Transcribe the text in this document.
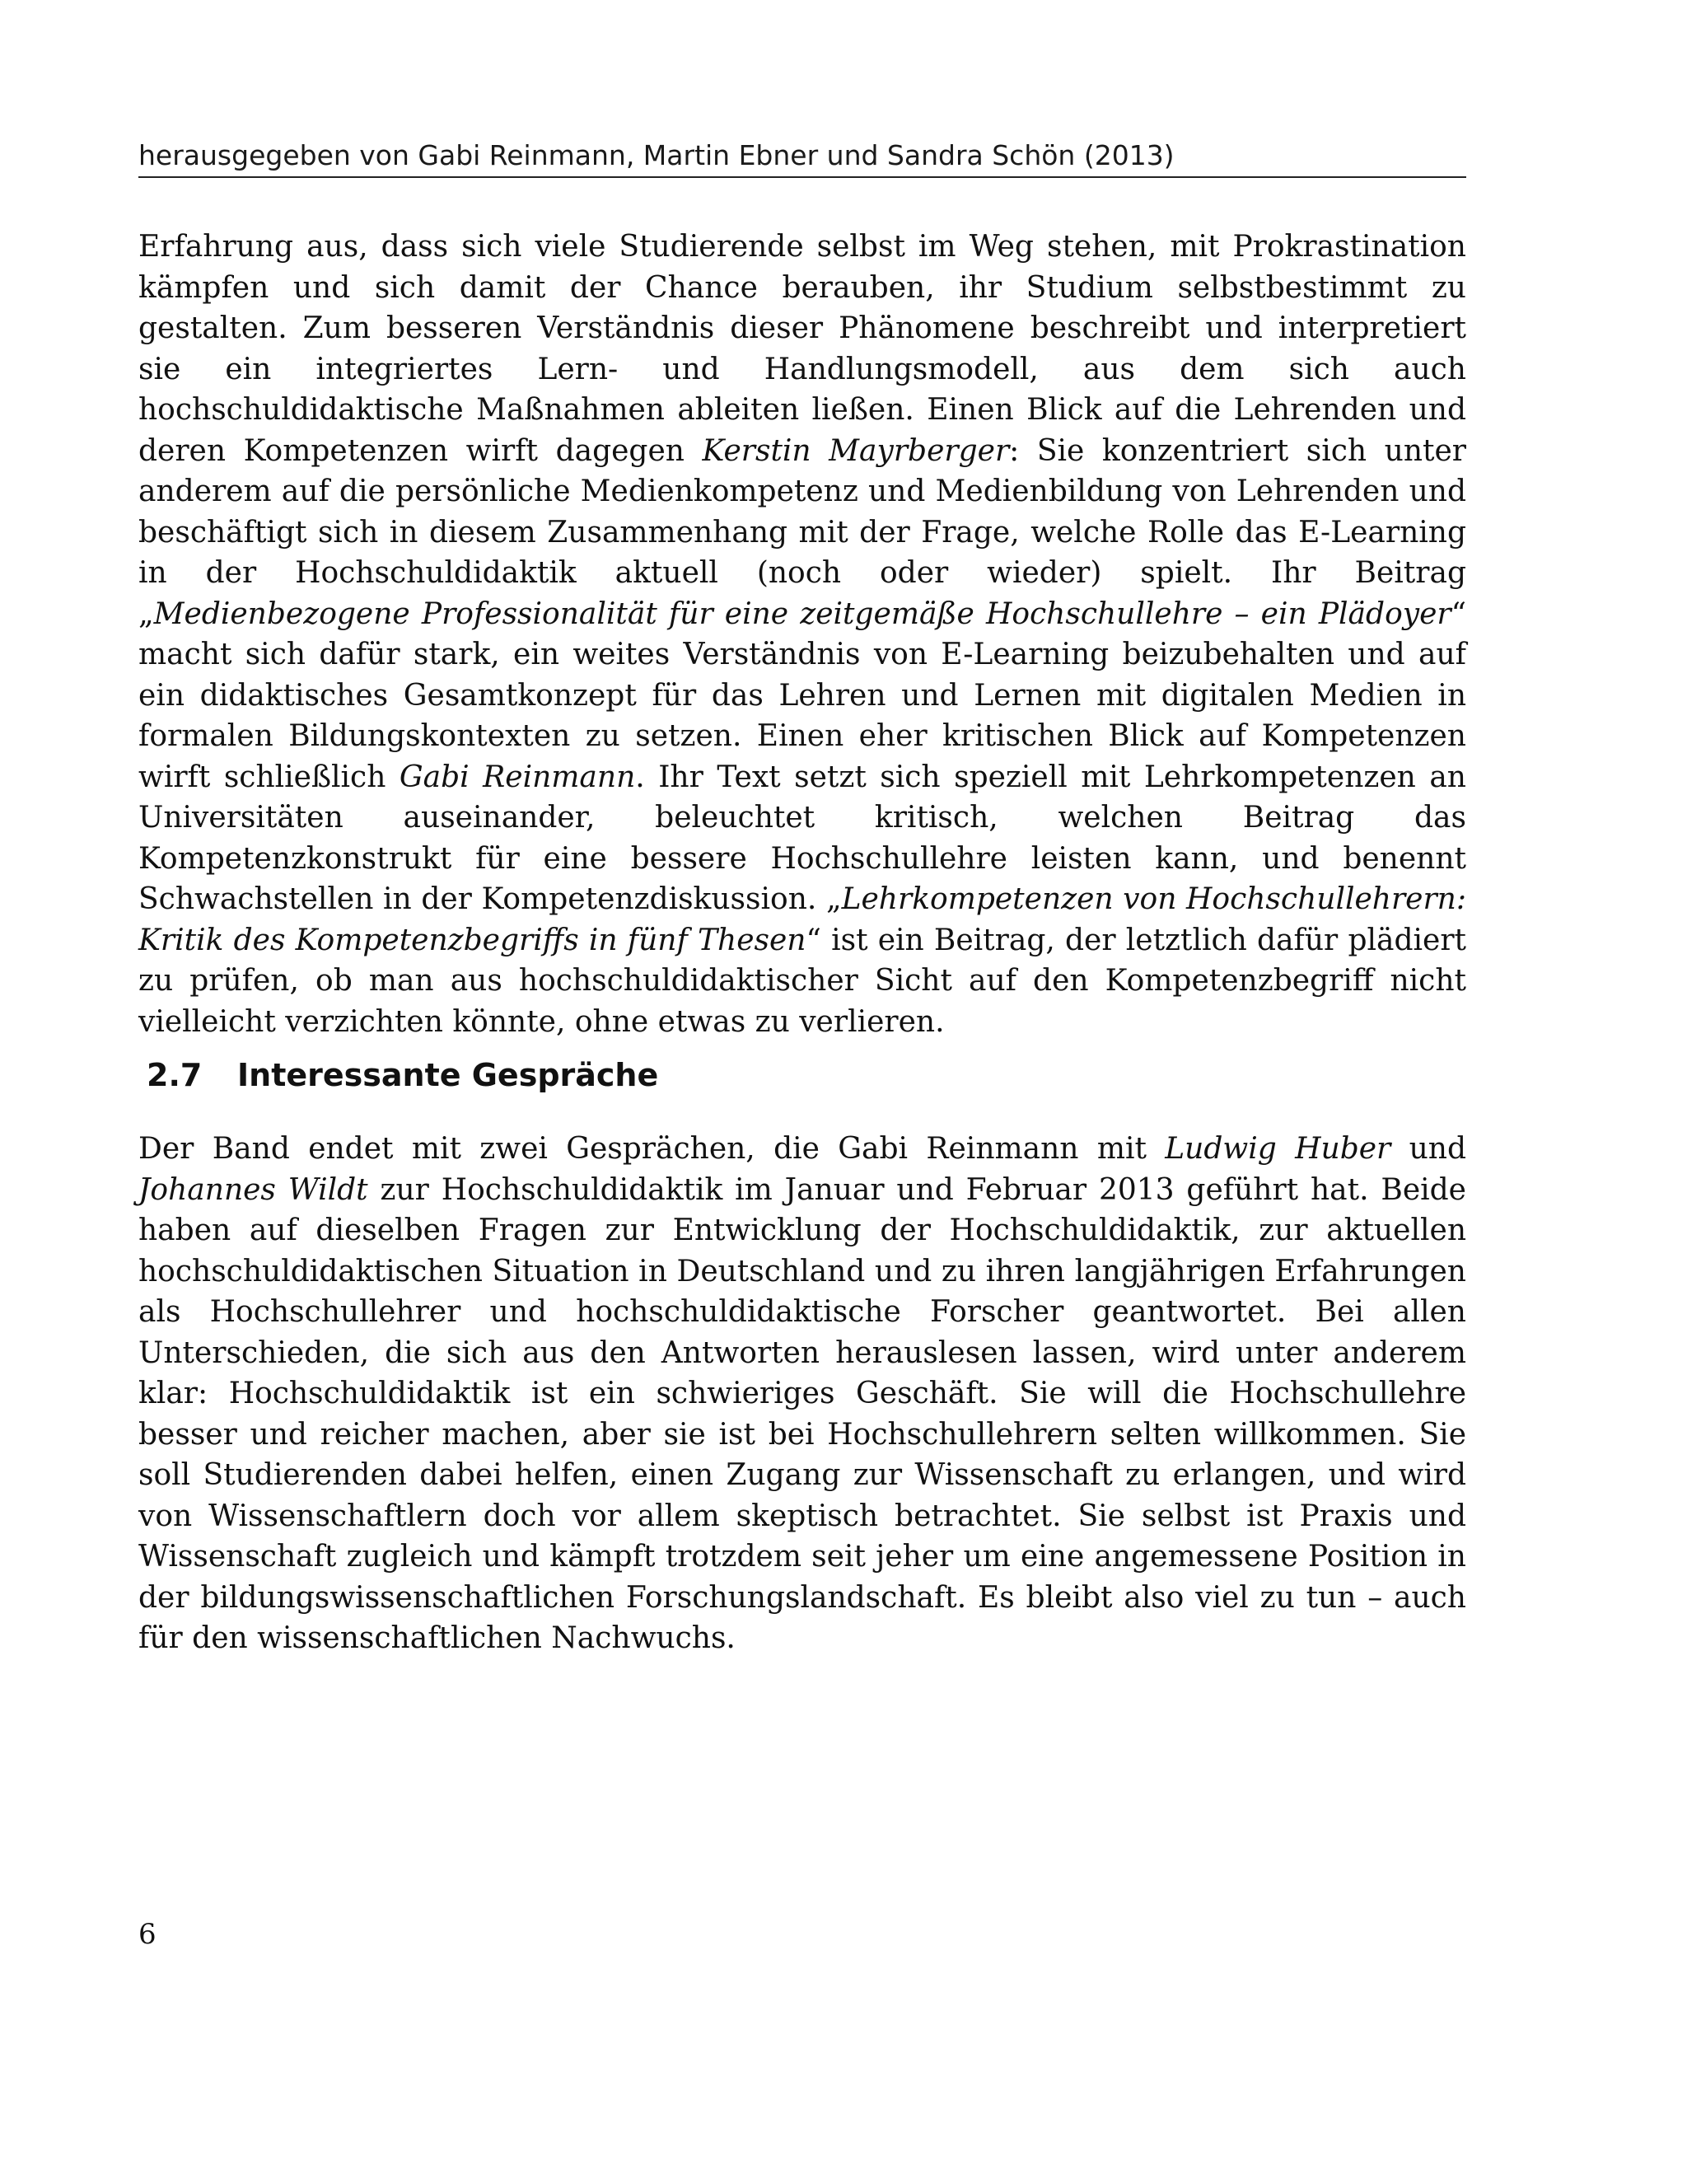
herausgegeben von Gabi Reinmann, Martin Ebner und Sandra Schön (2013)

Erfahrung aus, dass sich viele Studierende selbst im Weg stehen, mit Prokrastination kämpfen und sich damit der Chance berauben, ihr Studium selbstbestimmt zu gestalten. Zum besseren Verständnis dieser Phänomene beschreibt und interpretiert sie ein integriertes Lern- und Handlungsmodell, aus dem sich auch hochschuldidaktische Maßnahmen ableiten ließen. Einen Blick auf die Lehrenden und deren Kompetenzen wirft dagegen Kerstin Mayrberger: Sie konzentriert sich unter anderem auf die persönliche Medienkompetenz und Medienbildung von Lehrenden und beschäftigt sich in diesem Zusammenhang mit der Frage, welche Rolle das E-Learning in der Hochschuldidaktik aktuell (noch oder wieder) spielt. Ihr Beitrag „Medienbezogene Professionalität für eine zeitgemäße Hochschullehre – ein Plädoyer“ macht sich dafür stark, ein weites Verständnis von E-Learning beizubehalten und auf ein didaktisches Gesamtkonzept für das Lehren und Lernen mit digitalen Medien in formalen Bildungskontexten zu setzen. Einen eher kritischen Blick auf Kompetenzen wirft schließlich Gabi Reinmann. Ihr Text setzt sich speziell mit Lehrkompetenzen an Universitäten auseinander, beleuchtet kritisch, welchen Beitrag das Kompetenzkonstrukt für eine bessere Hochschullehre leisten kann, und benennt Schwachstellen in der Kompetenzdiskussion. „Lehrkompetenzen von Hochschullehrern: Kritik des Kompetenzbegriffs in fünf Thesen“ ist ein Beitrag, der letztlich dafür plädiert zu prüfen, ob man aus hochschuldidaktischer Sicht auf den Kompetenzbegriff nicht vielleicht verzichten könnte, ohne etwas zu verlieren.

2.7 Interessante Gespräche

Der Band endet mit zwei Gesprächen, die Gabi Reinmann mit Ludwig Huber und Johannes Wildt zur Hochschuldidaktik im Januar und Februar 2013 geführt hat. Beide haben auf dieselben Fragen zur Entwicklung der Hochschuldidaktik, zur aktuellen hochschuldidaktischen Situation in Deutschland und zu ihren langjährigen Erfahrungen als Hochschullehrer und hochschuldidaktische Forscher geantwortet. Bei allen Unterschieden, die sich aus den Antworten herauslesen lassen, wird unter anderem klar: Hochschuldidaktik ist ein schwieriges Geschäft. Sie will die Hochschullehre besser und reicher machen, aber sie ist bei Hochschullehrern selten willkommen. Sie soll Studierenden dabei helfen, einen Zugang zur Wissenschaft zu erlangen, und wird von Wissenschaftlern doch vor allem skeptisch betrachtet. Sie selbst ist Praxis und Wissenschaft zugleich und kämpft trotzdem seit jeher um eine angemessene Position in der bildungswissenschaftlichen Forschungslandschaft. Es bleibt also viel zu tun – auch für den wissenschaftlichen Nachwuchs.

6
